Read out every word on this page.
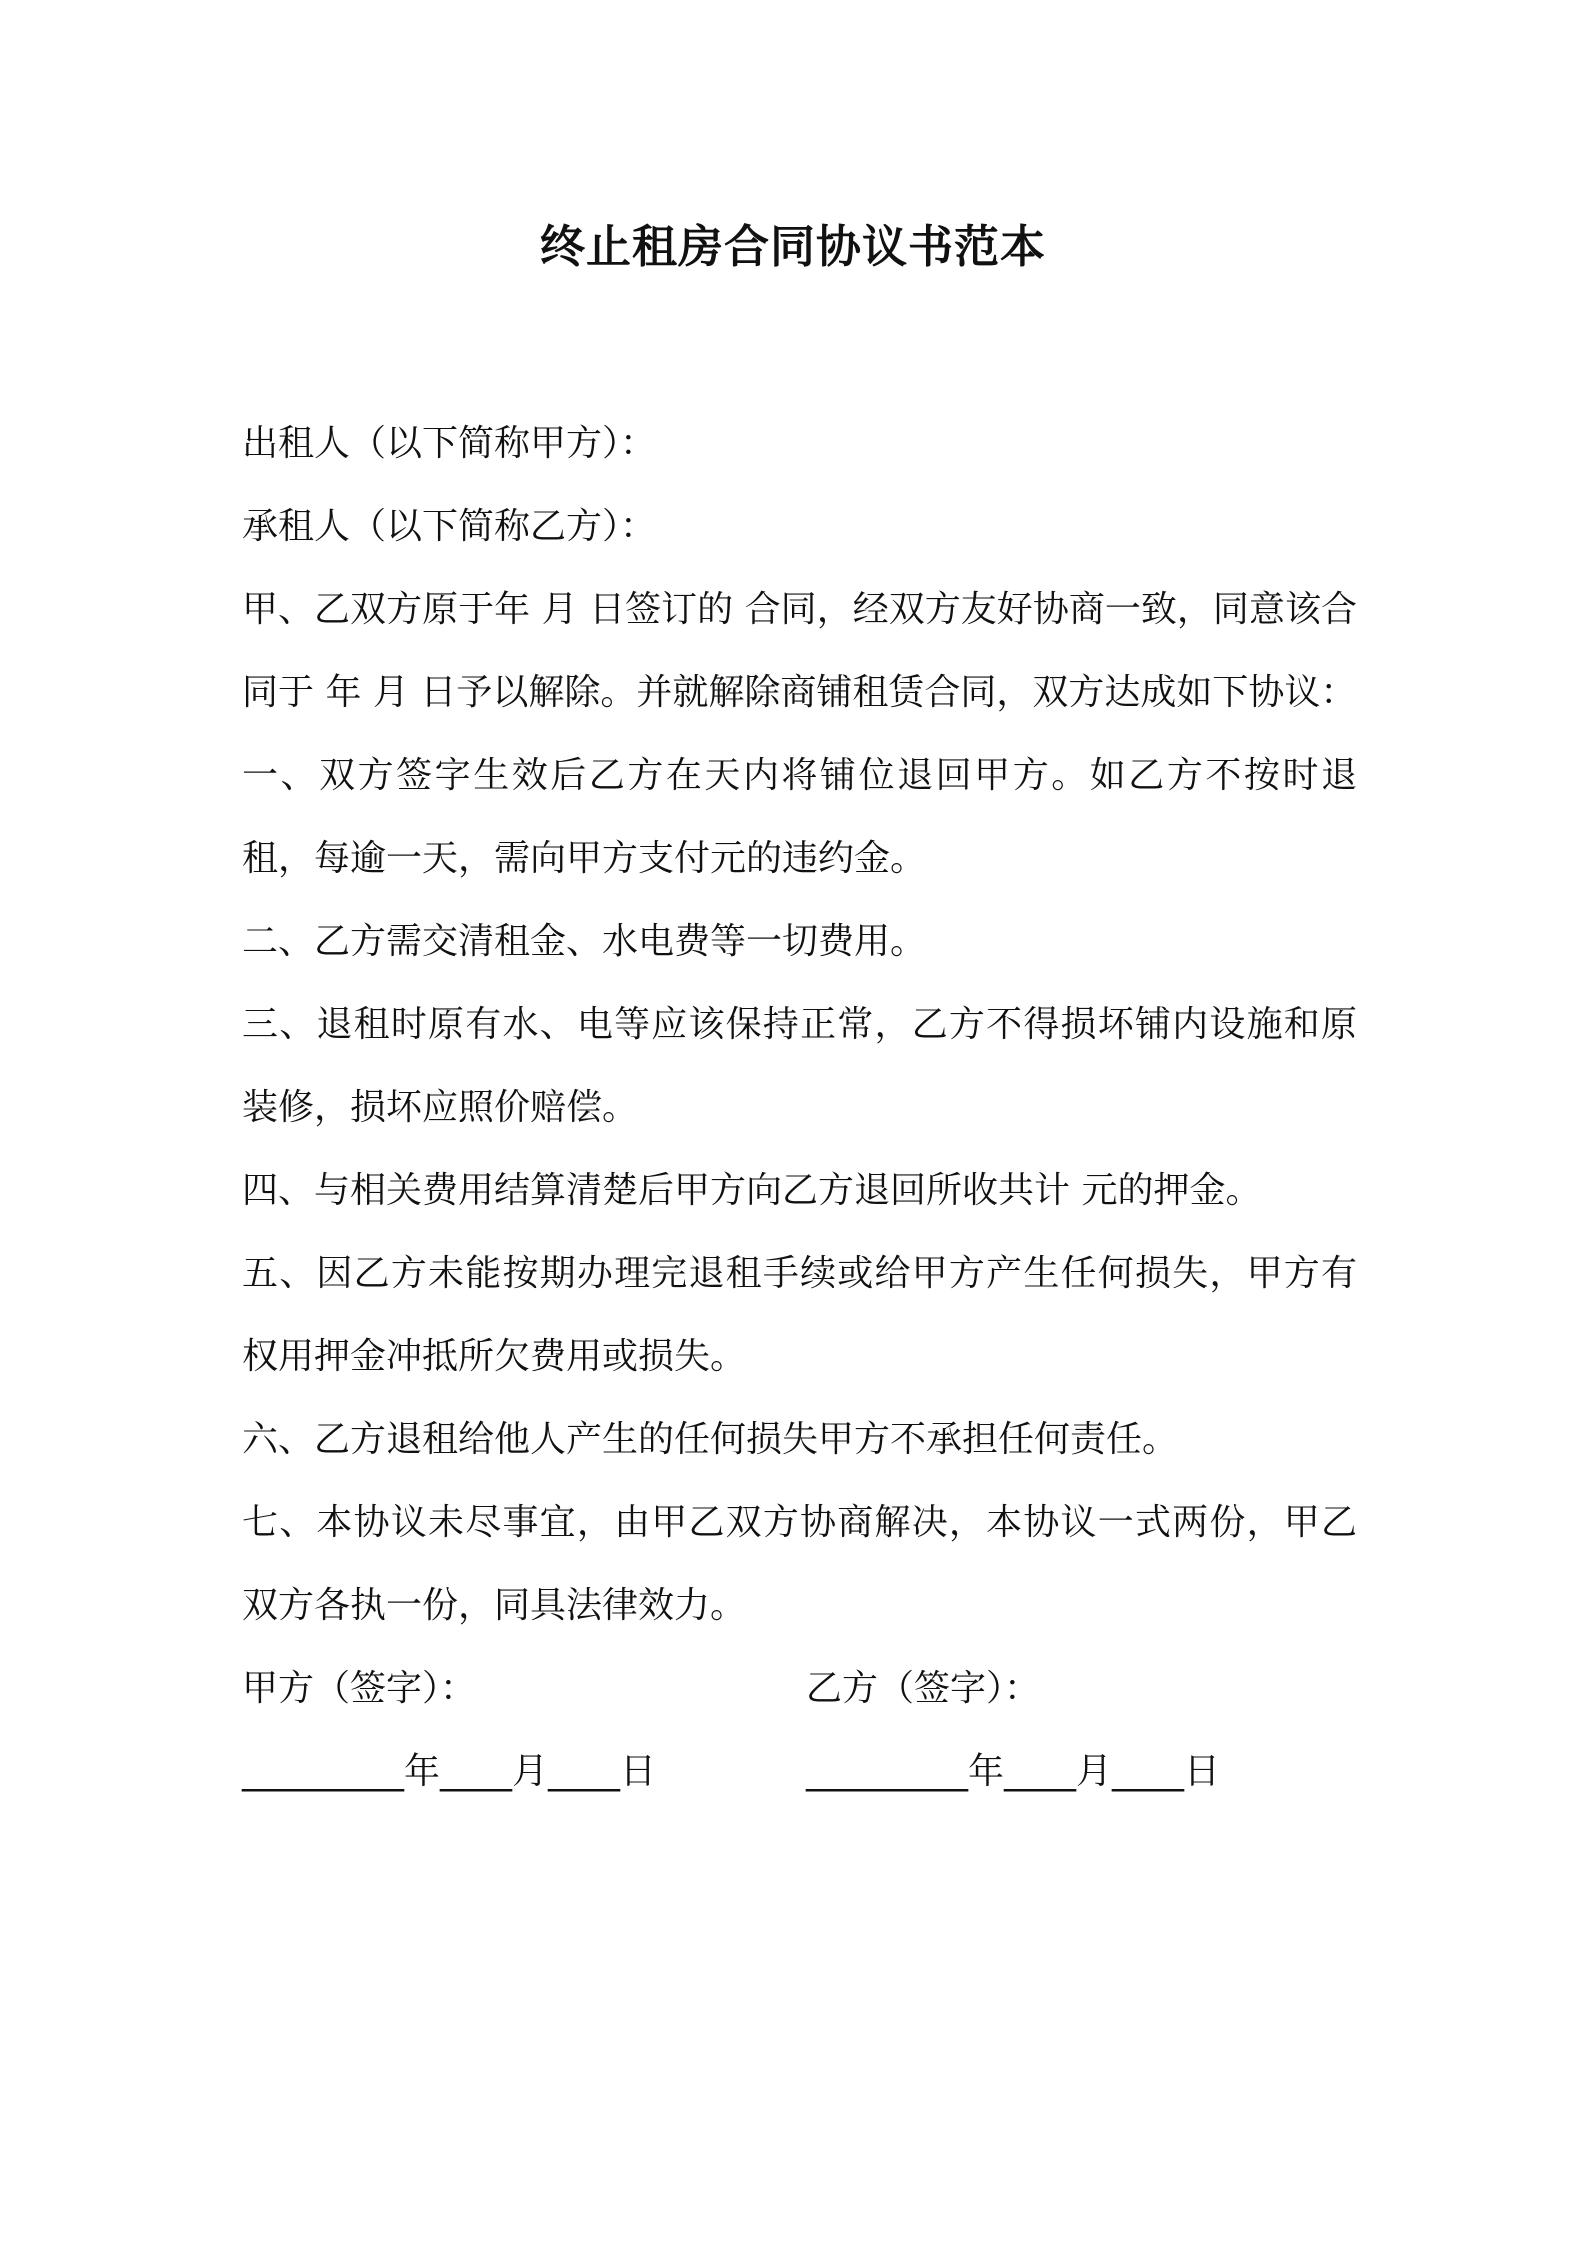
终止租房合同协议书范本

出租人（以下简称甲方）：

承租人（以下简称乙方）：

甲、乙双方原于年 月 日签订的 合同，经双方友好协商一致，同意该合同于 年 月 日予以解除。并就解除商铺租赁合同，双方达成如下协议：

一、双方签字生效后乙方在天内将铺位退回甲方。如乙方不按时退租，每逾一天，需向甲方支付元的违约金。

二、乙方需交清租金、水电费等一切费用。

三、退租时原有水、电等应该保持正常，乙方不得损坏铺内设施和原装修，损坏应照价赔偿。

四、与相关费用结算清楚后甲方向乙方退回所收共计 元的押金。

五、因乙方未能按期办理完退租手续或给甲方产生任何损失，甲方有权用押金冲抵所欠费用或损失。

六、乙方退租给他人产生的任何损失甲方不承担任何责任。

七、本协议未尽事宜，由甲乙双方协商解决，本协议一式两份，甲乙双方各执一份，同具法律效力。

甲方（签字）：

	乙方（签字）：

_________年____月____日

	_________年____月____日
